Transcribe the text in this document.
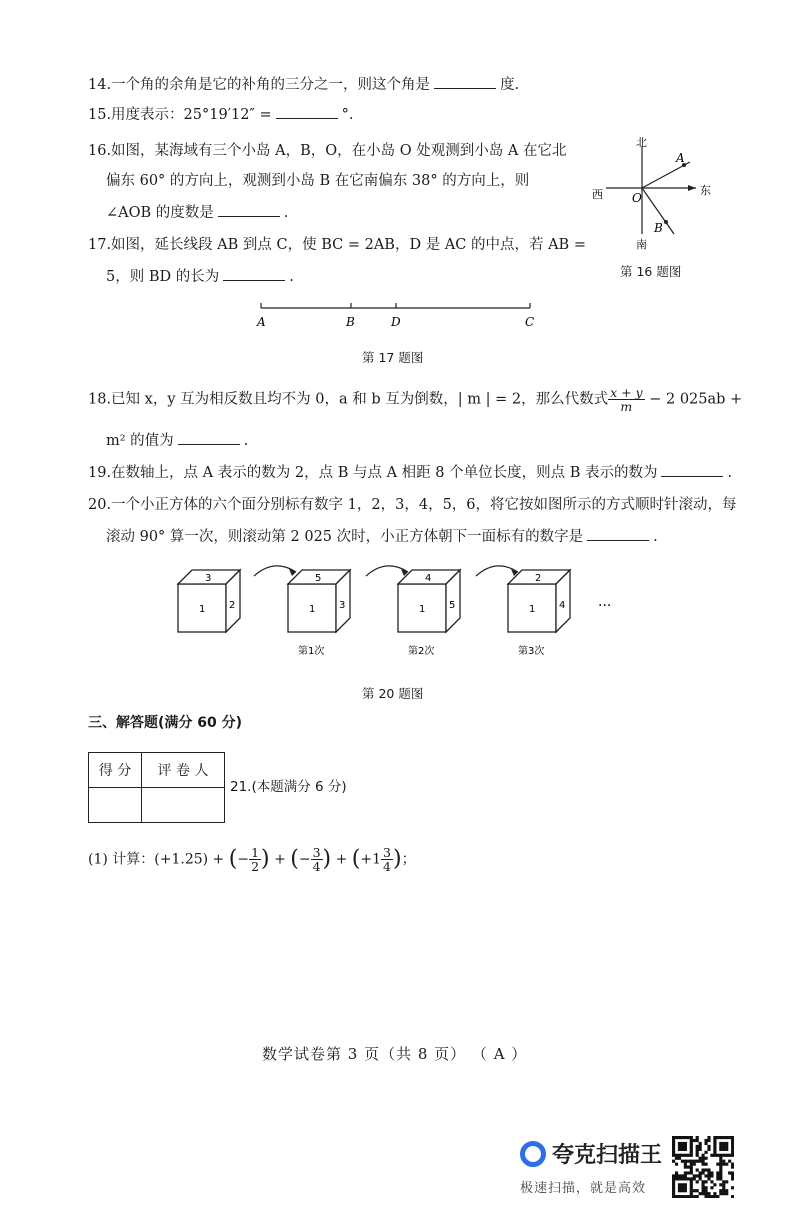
14.一个角的余角是它的补角的三分之一，则这个角是	度.
15.用度表示：25°19′12″ =	°.
16.如图，某海域有三个小岛 A，B，O，在小岛 O 处观测到小岛 A 在它北
偏东 60° 的方向上，观测到小岛 B 在它南偏东 38° 的方向上，则
∠AOB 的度数是	.
17.如图，延长线段 AB 到点 C，使 BC = 2AB，D 是 AC 的中点，若 AB =
5，则 BD 的长为	.
北
南
西	东
A
B
O
第 16 题图
A	B	D	C
第 17 题图
18.已知 x，y 互为相反数且均不为 0，a 和 b 互为倒数，| m | = 2，那么代数式 $\frac{x + y}{m} - 2$ 025ab +
m² 的值为	.
19.在数轴上，点 A 表示的数为 2，点 B 与点 A 相距 8 个单位长度，则点 B 表示的数为	.
20.一个小正方体的六个面分别标有数字 1，2，3，4，5，6，将它按如图所示的方式顺时针滚动，每
滚动 90° 算一次，则滚动第 2 025 次时，小正方体朝下一面标有的数字是	.
3
1 2
5
1 3
第1次
4
1 5
第2次
2
1 4
第3次
···
第 20 题图
三、解答题(满分 60 分)
得 分	评 卷 人

21.(本题满分 6 分)
(1) 计算：(+1.25) + (− $\frac{1}{2}$ ) + (− $\frac{3}{4}$ ) + ($+1 \frac{3}{4}$ )；
数学试卷第 3 页（共 8 页） （ A ）
夸克扫描王
极速扫描，就是高效
